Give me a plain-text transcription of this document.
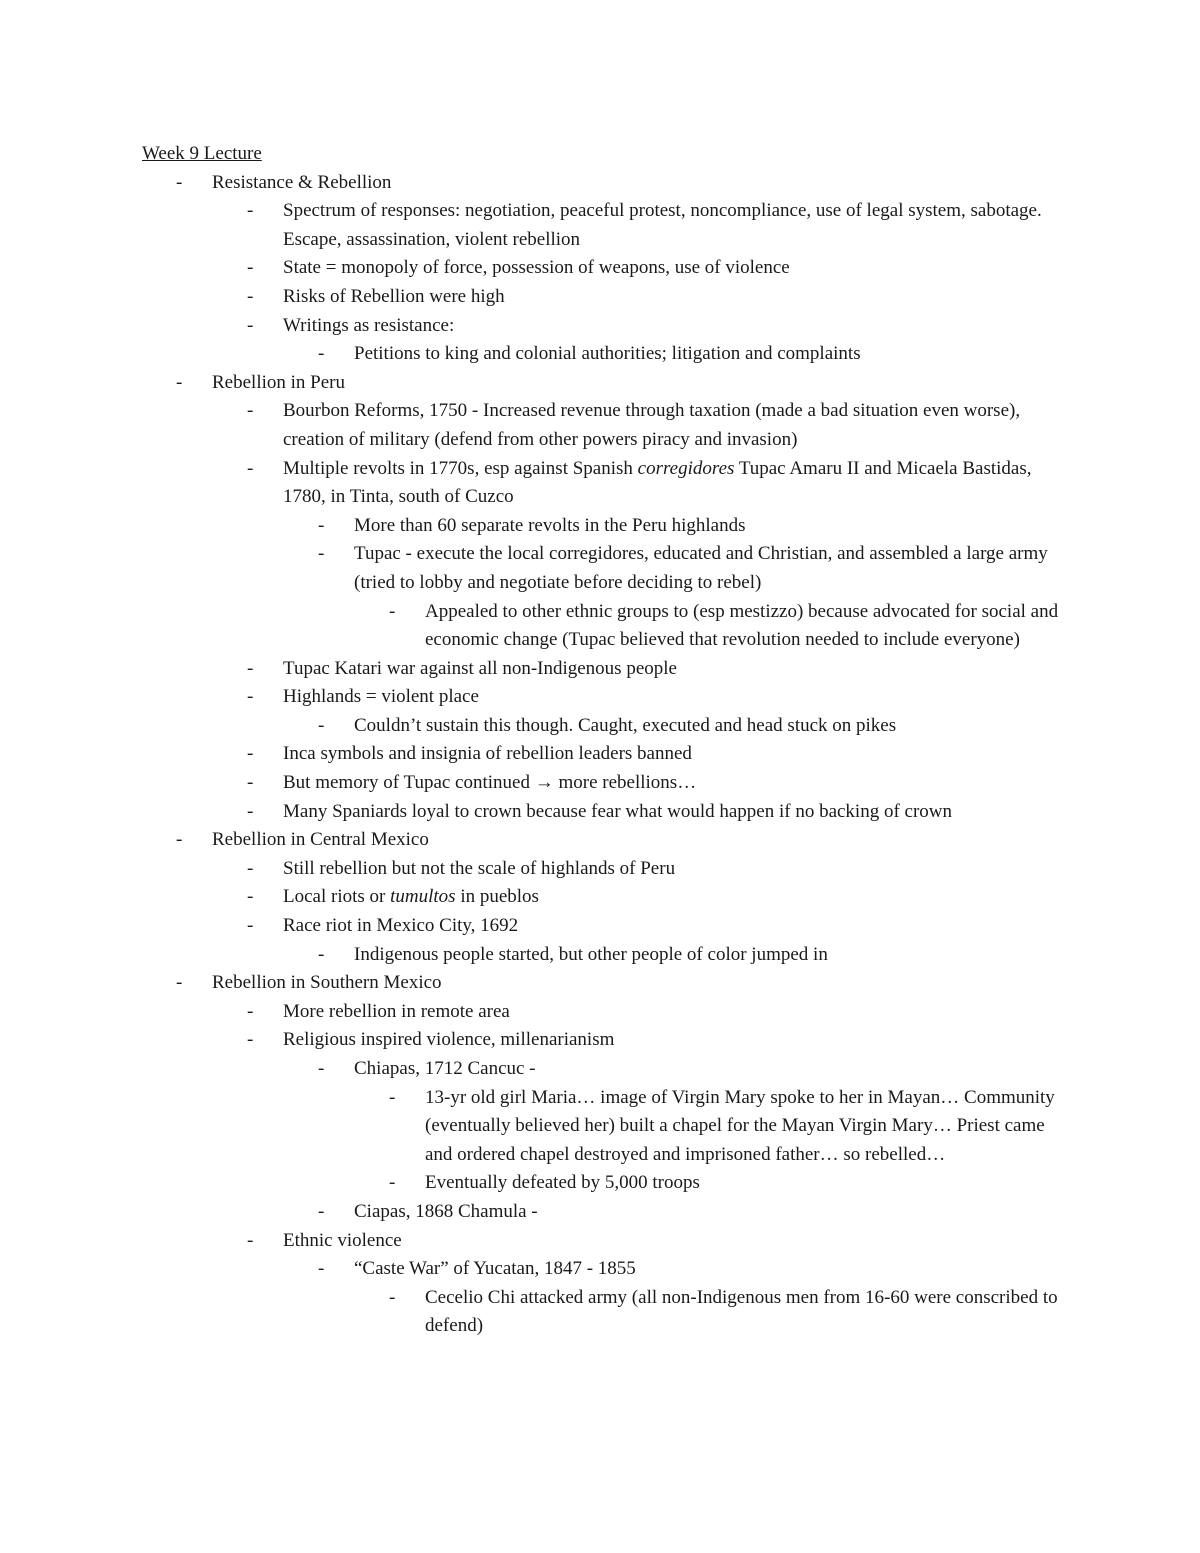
Week 9 Lecture
- Resistance & Rebellion
- Spectrum of responses: negotiation, peaceful protest, noncompliance, use of legal system, sabotage. Escape, assassination, violent rebellion
- State = monopoly of force, possession of weapons, use of violence
- Risks of Rebellion were high
- Writings as resistance:
- Petitions to king and colonial authorities; litigation and complaints
- Rebellion in Peru
- Bourbon Reforms, 1750 - Increased revenue through taxation (made a bad situation even worse), creation of military (defend from other powers piracy and invasion)
- Multiple revolts in 1770s, esp against Spanish corregidores Tupac Amaru II and Micaela Bastidas, 1780, in Tinta, south of Cuzco
- More than 60 separate revolts in the Peru highlands
- Tupac - execute the local corregidores, educated and Christian, and assembled a large army (tried to lobby and negotiate before deciding to rebel)
- Appealed to other ethnic groups to (esp mestizzo) because advocated for social and economic change (Tupac believed that revolution needed to include everyone)
- Tupac Katari war against all non-Indigenous people
- Highlands = violent place
- Couldn’t sustain this though. Caught, executed and head stuck on pikes
- Inca symbols and insignia of rebellion leaders banned
- But memory of Tupac continued → more rebellions…
- Many Spaniards loyal to crown because fear what would happen if no backing of crown
- Rebellion in Central Mexico
- Still rebellion but not the scale of highlands of Peru
- Local riots or tumultos in pueblos
- Race riot in Mexico City, 1692
- Indigenous people started, but other people of color jumped in
- Rebellion in Southern Mexico
- More rebellion in remote area
- Religious inspired violence, millenarianism
- Chiapas, 1712 Cancuc -
- 13-yr old girl Maria… image of Virgin Mary spoke to her in Mayan… Community (eventually believed her) built a chapel for the Mayan Virgin Mary… Priest came and ordered chapel destroyed and imprisoned father… so rebelled…
- Eventually defeated by 5,000 troops
- Ciapas, 1868 Chamula -
- Ethnic violence
- “Caste War” of Yucatan, 1847 - 1855
- Cecelio Chi attacked army (all non-Indigenous men from 16-60 were conscribed to defend)
